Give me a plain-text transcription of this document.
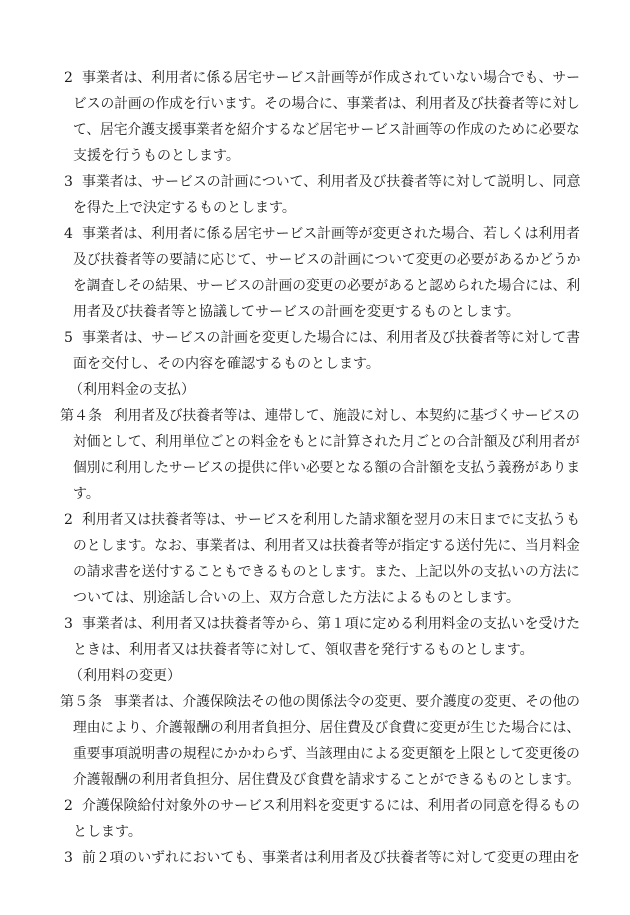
2 事業者は、利用者に係る居宅サービス計画等が作成されていない場合でも、サー

ビスの計画の作成を行います。その場合に、事業者は、利用者及び扶養者等に対し

て、居宅介護支援事業者を紹介するなど居宅サービス計画等の作成のために必要な

支援を行うものとします。

3 事業者は、サービスの計画について、利用者及び扶養者等に対して説明し、同意

を得た上で決定するものとします。

4 事業者は、利用者に係る居宅サービス計画等が変更された場合、若しくは利用者

及び扶養者等の要請に応じて、サービスの計画について変更の必要があるかどうか

を調査しその結果、サービスの計画の変更の必要があると認められた場合には、利

用者及び扶養者等と協議してサービスの計画を変更するものとします。

5 事業者は、サービスの計画を変更した場合には、利用者及び扶養者等に対して書

面を交付し、その内容を確認するものとします。

（利用料金の支払）

第４条 利用者及び扶養者等は、連帯して、施設に対し、本契約に基づくサービスの

対価として、利用単位ごとの料金をもとに計算された月ごとの合計額及び利用者が

個別に利用したサービスの提供に伴い必要となる額の合計額を支払う義務がありま

す。

2 利用者又は扶養者等は、サービスを利用した請求額を翌月の末日までに支払うも

のとします。なお、事業者は、利用者又は扶養者等が指定する送付先に、当月料金

の請求書を送付することもできるものとします。また、上記以外の支払いの方法に

ついては、別途話し合いの上、双方合意した方法によるものとします。

3 事業者は、利用者又は扶養者等から、第１項に定める利用料金の支払いを受けた

ときは、利用者又は扶養者等に対して、領収書を発行するものとします。

（利用料の変更）

第５条 事業者は、介護保険法その他の関係法令の変更、要介護度の変更、その他の

理由により、介護報酬の利用者負担分、居住費及び食費に変更が生じた場合には、

重要事項説明書の規程にかかわらず、当該理由による変更額を上限として変更後の

介護報酬の利用者負担分、居住費及び食費を請求することができるものとします。

2 介護保険給付対象外のサービス利用料を変更するには、利用者の同意を得るもの

とします。

3 前２項のいずれにおいても、事業者は利用者及び扶養者等に対して変更の理由を
